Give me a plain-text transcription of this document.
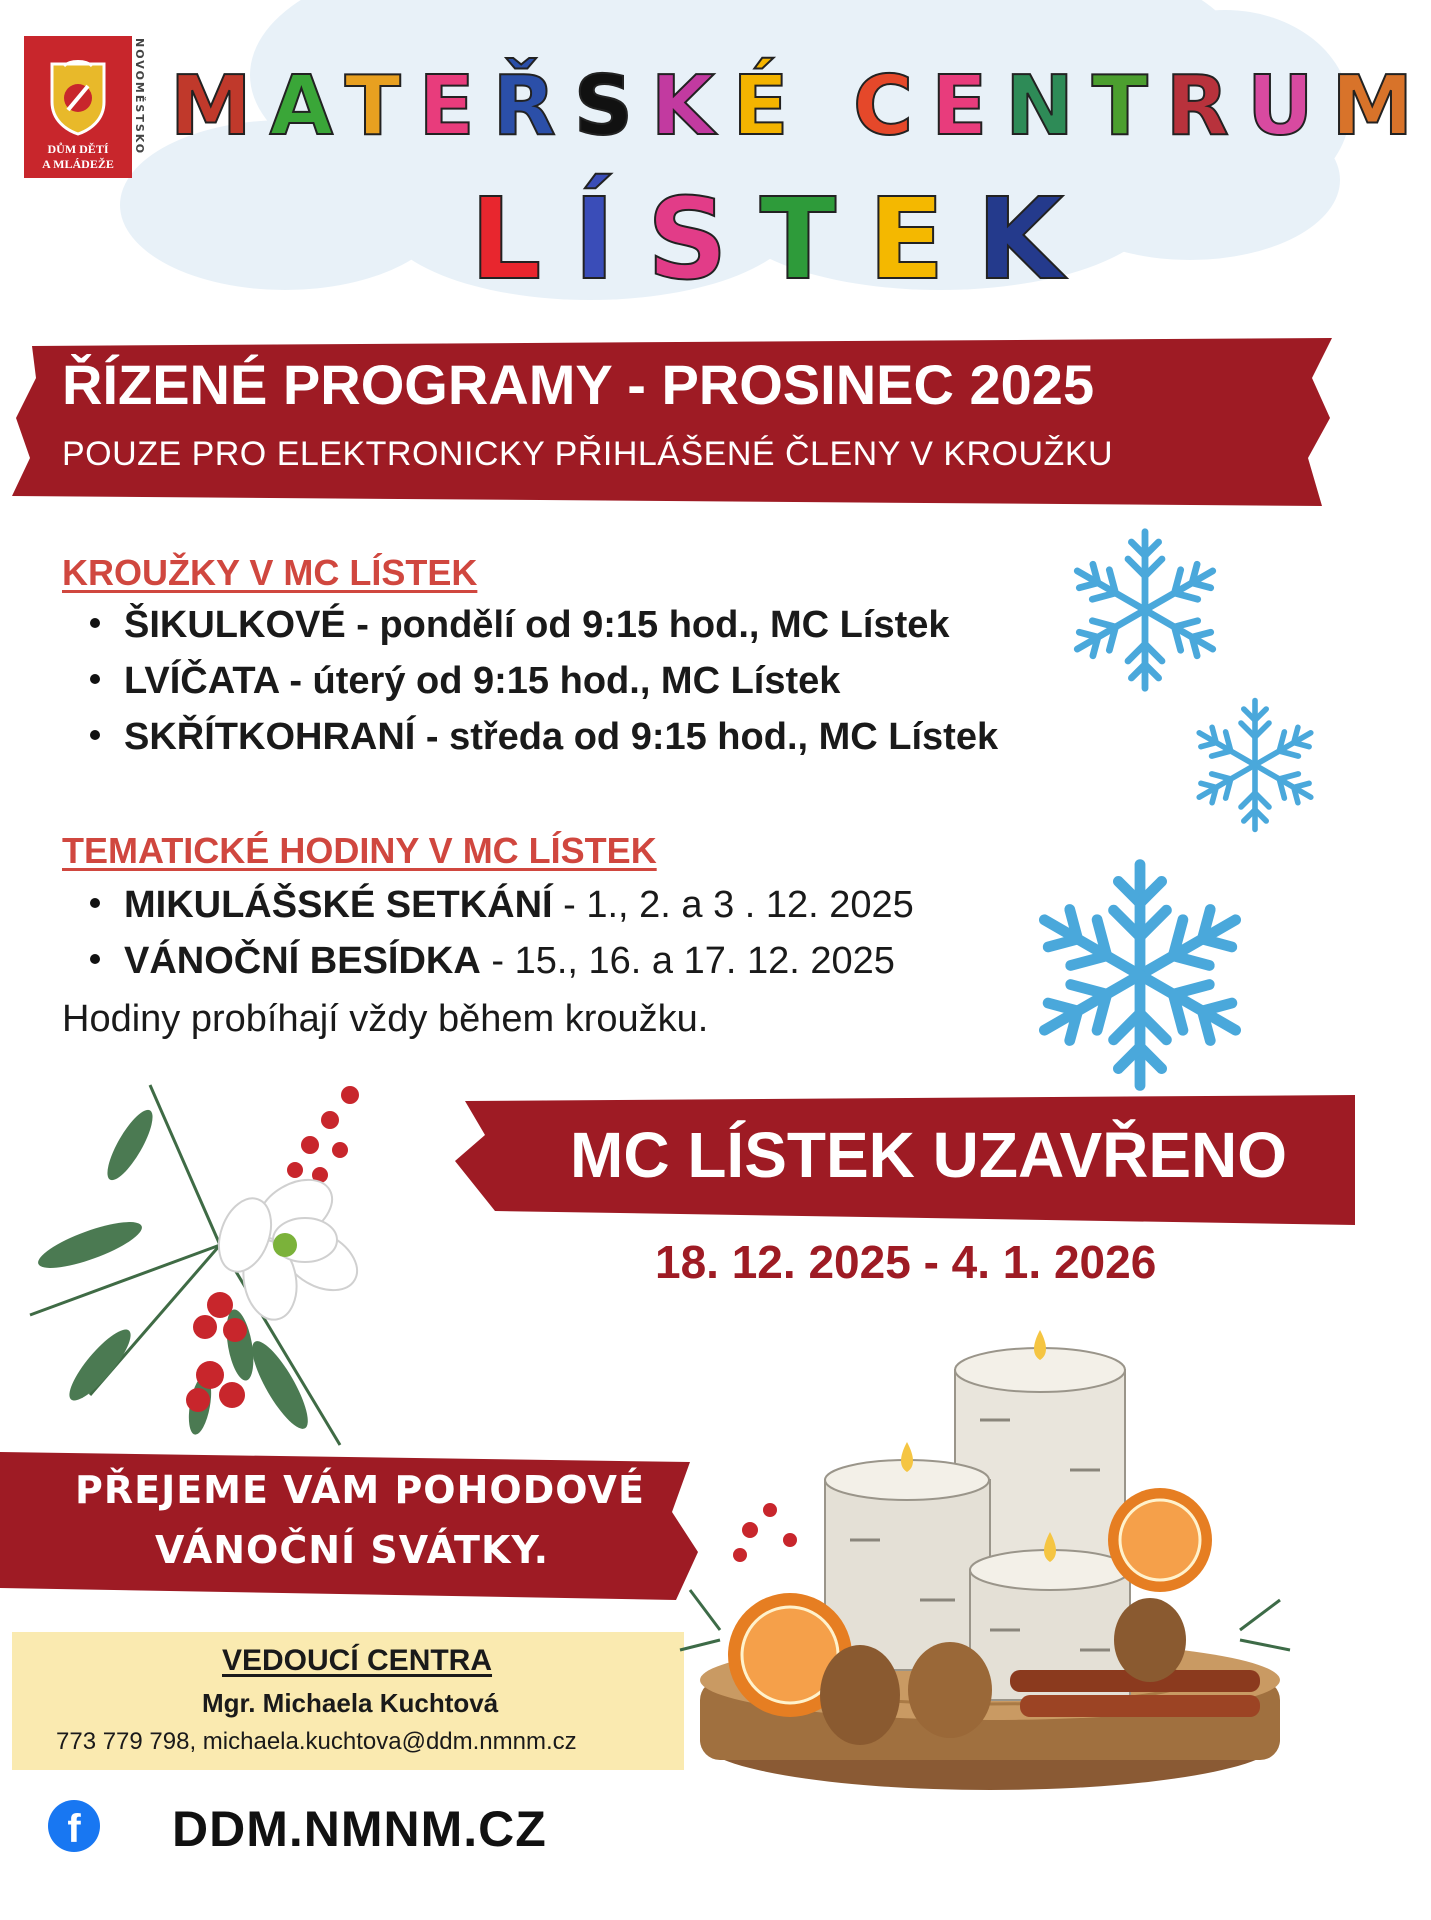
DŮM DĚTÍ
A MLÁDEŽE
NOVOMĚSTSKO MATEŘSKÉ CENTRUM
LÍSTEK
ŘÍZENÉ PROGRAMY - PROSINEC 2025
POUZE PRO ELEKTRONICKY PŘIHLÁŠENÉ ČLENY V KROUŽKU
KROUŽKY V MC LÍSTEK
ŠIKULKOVÉ - pondělí od 9:15 hod., MC Lístek
LVÍČATA - úterý od 9:15 hod., MC Lístek
SKŘÍTKOHRANÍ - středa od 9:15 hod., MC Lístek
TEMATICKÉ HODINY V MC LÍSTEK
MIKULÁŠSKÉ SETKÁNÍ - 1., 2. a 3 . 12. 2025
VÁNOČNÍ BESÍDKA - 15., 16. a 17. 12. 2025
Hodiny probíhají vždy během kroužku.
MC LÍSTEK UZAVŘENO
18. 12. 2025 - 4. 1. 2026
PŘEJEME VÁM POHODOVÉ
VÁNOČNÍ SVÁTKY.
VEDOUCÍ CENTRA
Mgr. Michaela Kuchtová
773 779 798, michaela.kuchtova@ddm.nmnm.cz
f	DDM.NMNM.CZ
